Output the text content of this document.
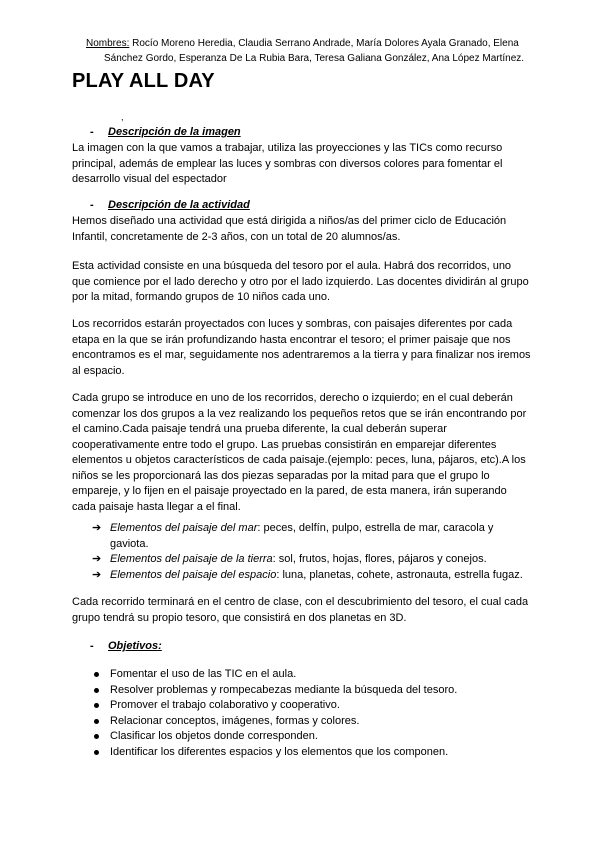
Nombres: Rocío Moreno Heredia, Claudia Serrano Andrade, María Dolores Ayala Granado, Elena
Sánchez Gordo, Esperanza De La Rubia Bara, Teresa Galiana González, Ana López Martínez.
PLAY ALL DAY
,
- Descripción de la imagen

La imagen con la que vamos a trabajar, utiliza las proyecciones y las TICs como recurso principal, además de emplear las luces y sombras con diversos colores para fomentar el desarrollo visual del espectador

- Descripción de la actividad

Hemos diseñado una actividad que está dirigida a niños/as del primer ciclo de Educación Infantil, concretamente de 2-3 años, con un total de 20 alumnos/as.

Esta actividad consiste en una búsqueda del tesoro por el aula. Habrá dos recorridos, uno que comience por el lado derecho y otro por el lado izquierdo. Las docentes dividirán al grupo por la mitad, formando grupos de 10 niños cada uno.

Los recorridos estarán proyectados con luces y sombras, con paisajes diferentes por cada etapa en la que se irán profundizando hasta encontrar el tesoro; el primer paisaje que nos encontramos es el mar, seguidamente nos adentraremos a la tierra y para finalizar nos iremos al espacio.

Cada grupo se introduce en uno de los recorridos, derecho o izquierdo; en el cual deberán comenzar los dos grupos a la vez realizando los pequeños retos que se irán encontrando por el camino.Cada paisaje tendrá una prueba diferente, la cual deberán superar cooperativamente entre todo el grupo. Las pruebas consistirán en emparejar diferentes elementos u objetos característicos de cada paisaje.(ejemplo: peces, luna, pájaros, etc).A los niños se les proporcionará las dos piezas separadas por la mitad para que el grupo lo empareje, y lo fijen en el paisaje proyectado en la pared, de esta manera, irán superando cada paisaje hasta llegar a el final.

➔ Elementos del paisaje del mar: peces, delfín, pulpo, estrella de mar, caracola y gaviota.
➔ Elementos del paisaje de la tierra: sol, frutos, hojas, flores, pájaros y conejos.
➔ Elementos del paisaje del espacio: luna, planetas, cohete, astronauta, estrella fugaz.

Cada recorrido terminará en el centro de clase, con el descubrimiento del tesoro, el cual cada grupo tendrá su propio tesoro, que consistirá en dos planetas en 3D.

- Objetivos:
Fomentar el uso de las TIC en el aula.
Resolver problemas y rompecabezas mediante la búsqueda del tesoro.
Promover el trabajo colaborativo y cooperativo.
Relacionar conceptos, imágenes, formas y colores.
Clasificar los objetos donde corresponden.
Identificar los diferentes espacios y los elementos que los componen.
